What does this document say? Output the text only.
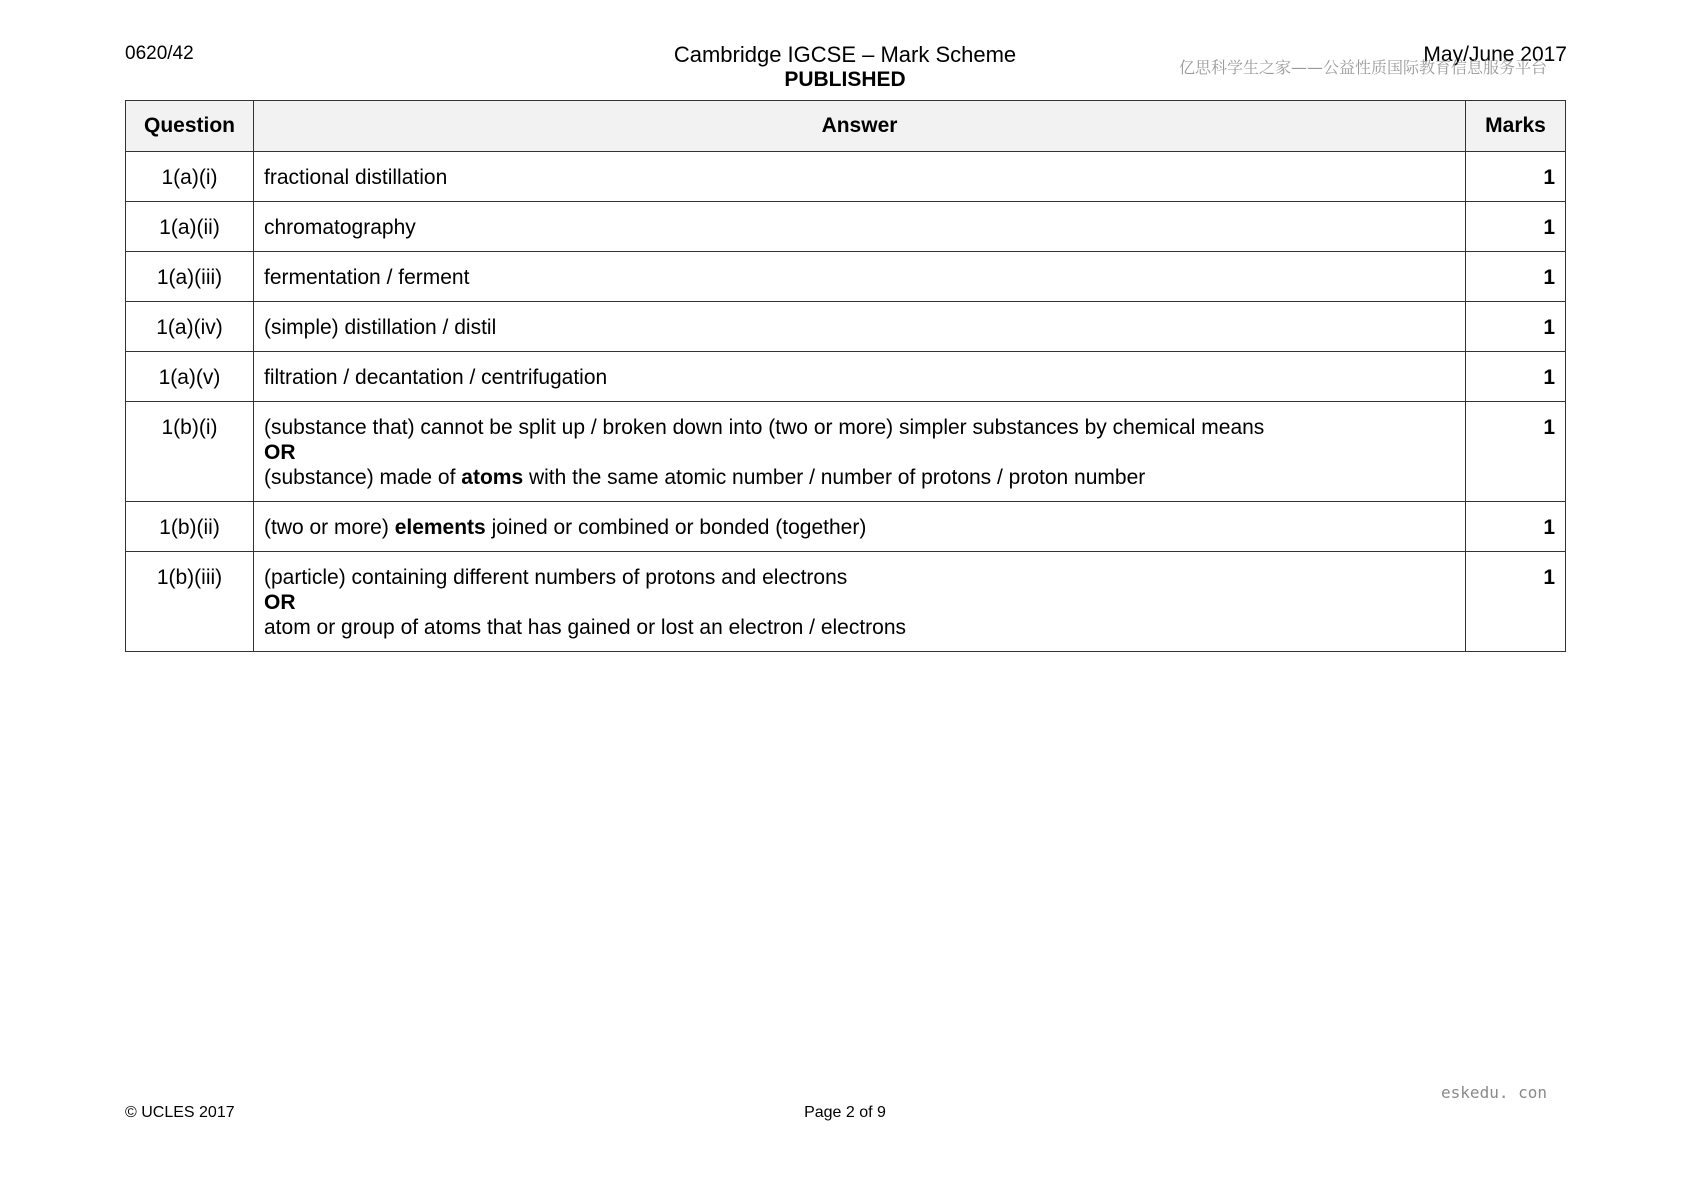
0620/42	Cambridge IGCSE – Mark Scheme
PUBLISHED
May/June 2017
亿思科学生之家——公益性质国际教育信息服务平台
Question	Answer	Marks
1(a)(i)	fractional distillation	1
1(a)(ii)	chromatography	1
1(a)(iii)	fermentation / ferment	1
1(a)(iv)	(simple) distillation / distil	1
1(a)(v)	filtration / decantation / centrifugation	1
1(b)(i)	(substance that) cannot be split up / broken down into (two or more) simpler substances by chemical means
OR
(substance) made of atoms with the same atomic number / number of protons / proton number	1
1(b)(ii)	(two or more) elements joined or combined or bonded (together)	1
1(b)(iii)	(particle) containing different numbers of protons and electrons
OR
atom or group of atoms that has gained or lost an electron / electrons	1
eskedu. con
© UCLES 2017	Page 2 of 9
